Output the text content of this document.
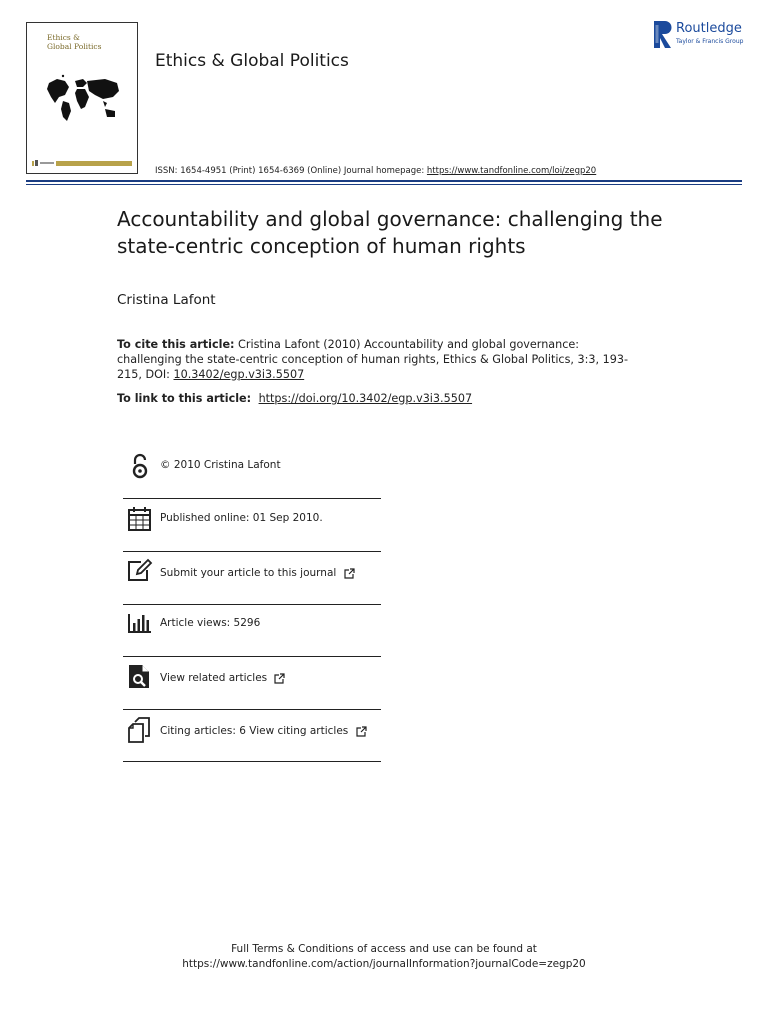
Ethics &
Global Politics
Ethics & Global Politics
Routledge
Taylor & Francis Group
ISSN: 1654-4951 (Print) 1654-6369 (Online) Journal homepage: https://www.tandfonline.com/loi/zegp20
Accountability and global governance: challenging the state-centric conception of human rights
Cristina Lafont
To cite this article: Cristina Lafont (2010) Accountability and global governance: challenging the state-centric conception of human rights, Ethics & Global Politics, 3:3, 193-215, DOI: 10.3402/egp.v3i3.5507
To link to this article:  https://doi.org/10.3402/egp.v3i3.5507
© 2010 Cristina Lafont
Published online: 01 Sep 2010.
Submit your article to this journal
Article views: 5296
View related articles
Citing articles: 6 View citing articles
Full Terms & Conditions of access and use can be found at
https://www.tandfonline.com/action/journalInformation?journalCode=zegp20
